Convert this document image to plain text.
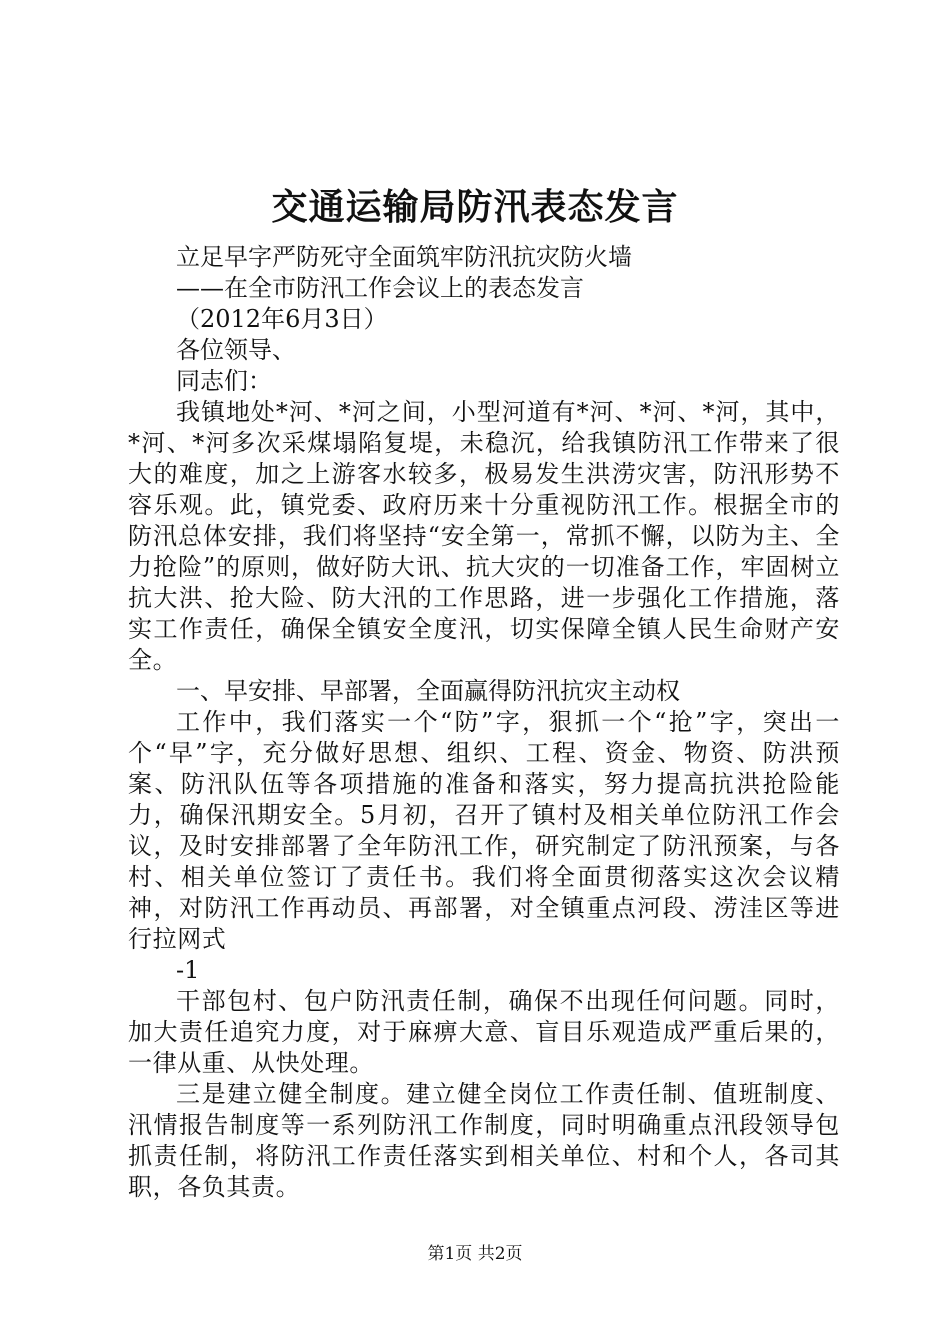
交通运输局防汛表态发言
立足早字严防死守全面筑牢防汛抗灾防火墙
——在全市防汛工作会议上的表态发言
（2012年6月3日）
各位领导、
同志们：
我镇地处*河、*河之间，小型河道有*河、*河、*河，其中，*河、*河多次采煤塌陷复堤，未稳沉，给我镇防汛工作带来了很大的难度，加之上游客水较多，极易发生洪涝灾害，防汛形势不容乐观。此，镇党委、政府历来十分重视防汛工作。根据全市的防汛总体安排，我们将坚持“安全第一，常抓不懈，以防为主、全力抢险”的原则，做好防大讯、抗大灾的一切准备工作，牢固树立抗大洪、抢大险、防大汛的工作思路，进一步强化工作措施，落实工作责任，确保全镇安全度汛，切实保障全镇人民生命财产安全。
一、早安排、早部署，全面赢得防汛抗灾主动权
工作中，我们落实一个“防”字，狠抓一个“抢”字，突出一个“早”字，充分做好思想、组织、工程、资金、物资、防洪预案、防汛队伍等各项措施的准备和落实，努力提高抗洪抢险能力，确保汛期安全。5月初，召开了镇村及相关单位防汛工作会议，及时安排部署了全年防汛工作，研究制定了防汛预案，与各村、相关单位签订了责任书。我们将全面贯彻落实这次会议精神，对防汛工作再动员、再部署，对全镇重点河段、涝洼区等进行拉网式
-1
干部包村、包户防汛责任制，确保不出现任何问题。同时，加大责任追究力度，对于麻痹大意、盲目乐观造成严重后果的，一律从重、从快处理。
三是建立健全制度。建立健全岗位工作责任制、值班制度、汛情报告制度等一系列防汛工作制度，同时明确重点汛段领导包抓责任制，将防汛工作责任落实到相关单位、村和个人，各司其职，各负其责。
第1页 共2页
